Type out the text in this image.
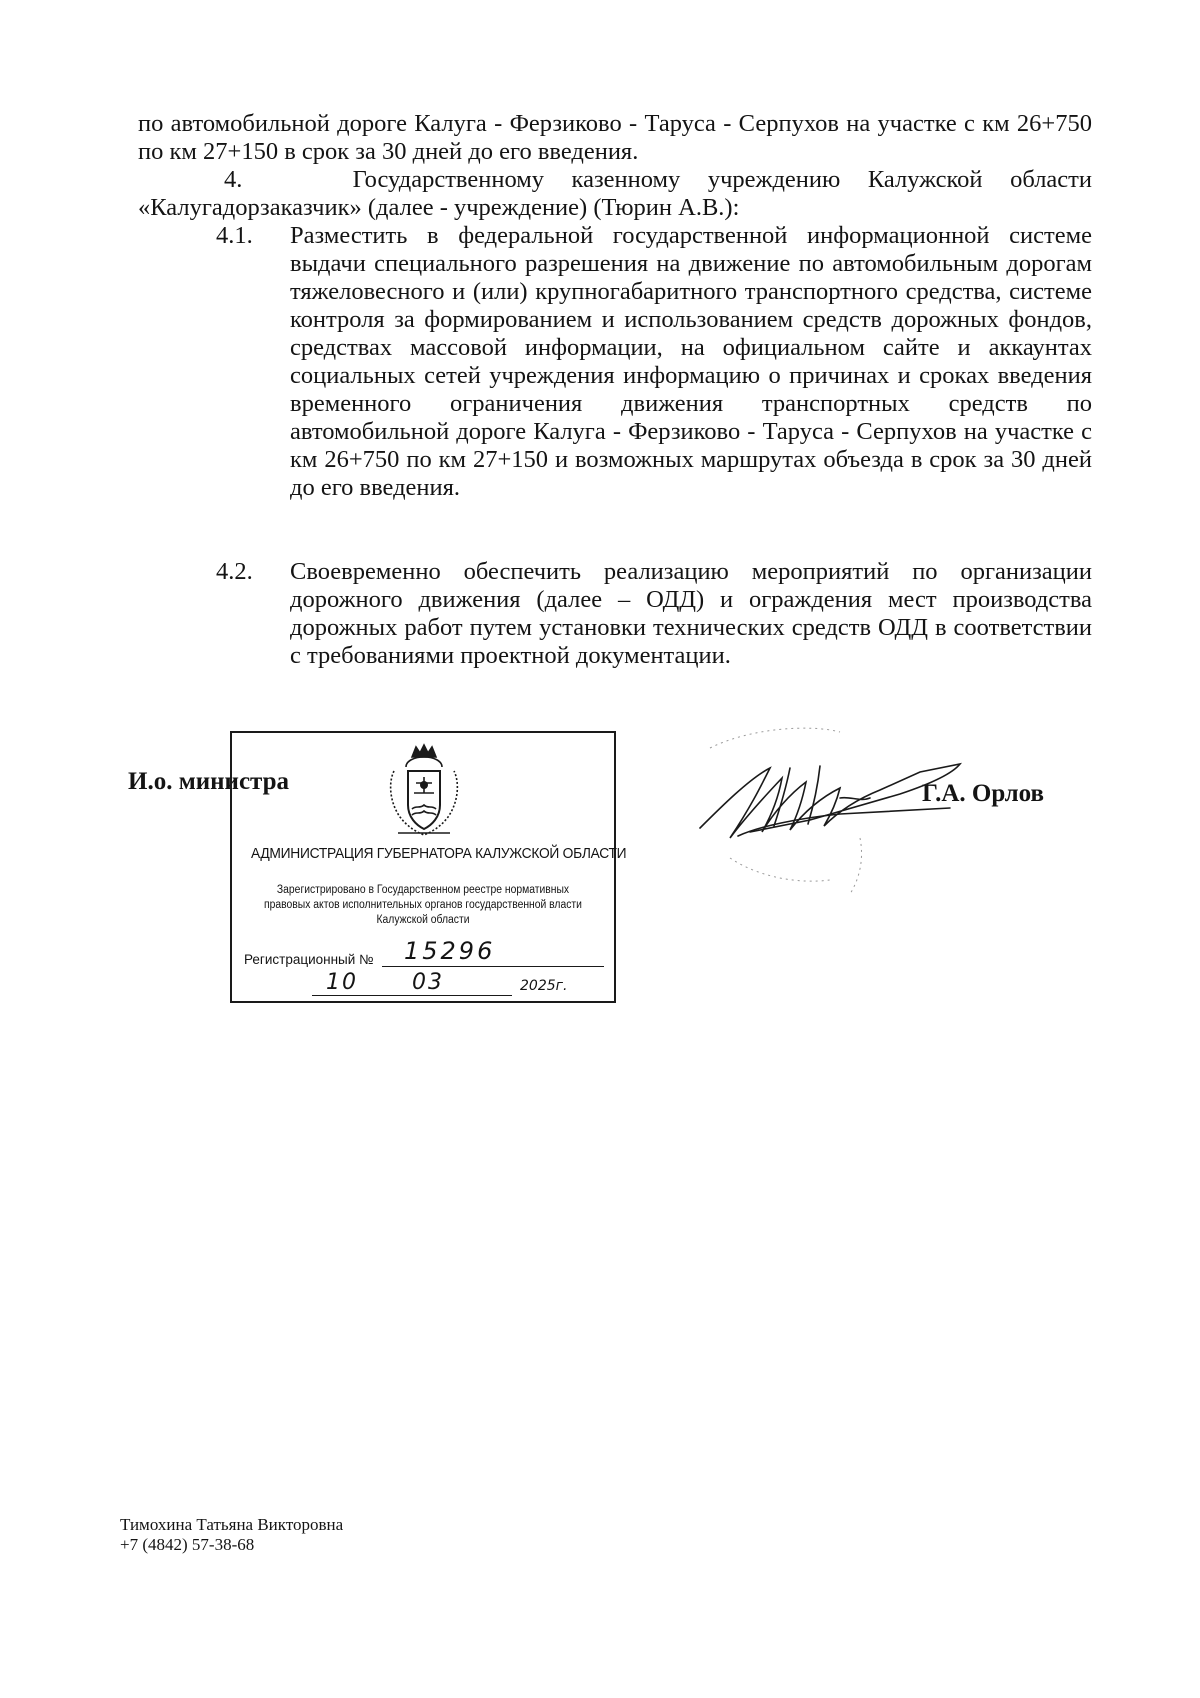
по автомобильной дороге Калуга - Ферзиково - Таруса - Серпухов на участке с км 26+750 по км 27+150 в срок за 30 дней до его введения.

4.    Государственному казенному учреждению Калужской области «Калугадорзаказчик» (далее - учреждение) (Тюрин А.В.):

4.1.	Разместить в федеральной государственной информационной системе выдачи специального разрешения на движение по автомобильным дорогам тяжеловесного и (или) крупногабаритного транспортного средства, системе контроля за формированием и использованием средств дорожных фондов, средствах массовой информации, на официальном сайте и аккаунтах социальных сетей учреждения информацию о причинах и сроках введения временного ограничения движения транспортных средств по автомобильной дороге Калуга - Ферзиково - Таруса - Серпухов на участке с км 26+750 по км 27+150 и возможных маршрутах объезда в срок за 30 дней до его введения.
4.2.	Своевременно обеспечить реализацию мероприятий по организации дорожного движения (далее – ОДД) и ограждения мест производства дорожных работ путем установки технических средств ОДД в соответствии с требованиями проектной документации.
И.о. министра	Г.А. Орлов
АДМИНИСТРАЦИЯ ГУБЕРНАТОРА КАЛУЖСКОЙ ОБЛАСТИ
Зарегистрировано в Государственном реестре нормативных правовых актов исполнительных органов государственной власти Калужской области
Регистрационный № 15296
10 03	2025г.
Тимохина Татьяна Викторовна
+7 (4842) 57-38-68
